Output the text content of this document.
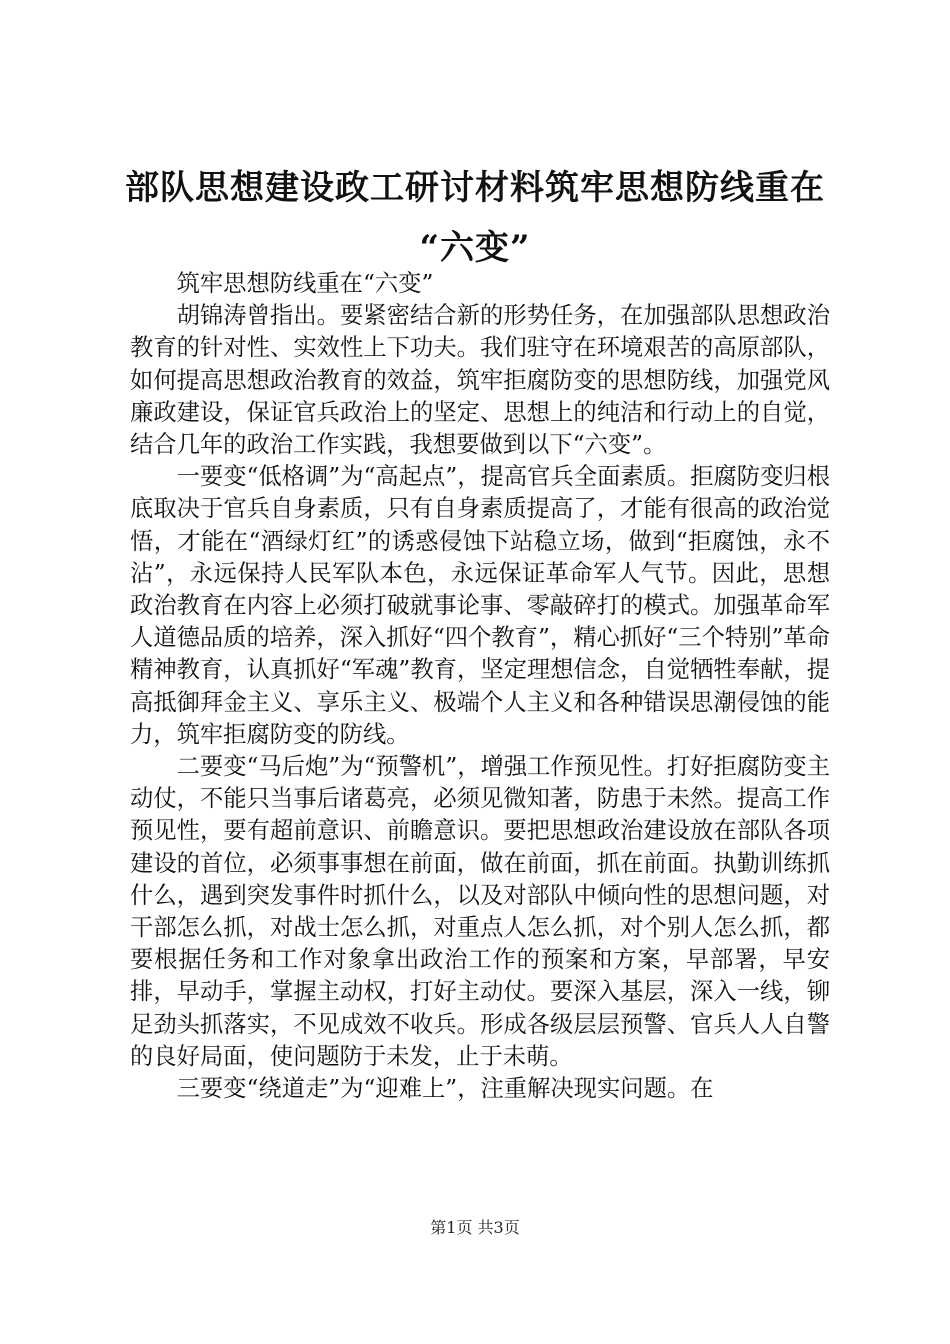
部队思想建设政工研讨材料筑牢思想防线重在
“六变”

筑牢思想防线重在“六变”

胡锦涛曾指出。要紧密结合新的形势任务，在加强部队思想政治教育的针对性、实效性上下功夫。我们驻守在环境艰苦的高原部队，如何提高思想政治教育的效益，筑牢拒腐防变的思想防线，加强党风廉政建设，保证官兵政治上的坚定、思想上的纯洁和行动上的自觉，结合几年的政治工作实践，我想要做到以下“六变”。

一要变“低格调”为“高起点”，提高官兵全面素质。拒腐防变归根底取决于官兵自身素质，只有自身素质提高了，才能有很高的政治觉悟，才能在“酒绿灯红”的诱惑侵蚀下站稳立场，做到“拒腐蚀，永不沾”，永远保持人民军队本色，永远保证革命军人气节。因此，思想政治教育在内容上必须打破就事论事、零敲碎打的模式。加强革命军人道德品质的培养，深入抓好“四个教育”，精心抓好“三个特别”革命精神教育，认真抓好“军魂”教育，坚定理想信念，自觉牺牲奉献，提高抵御拜金主义、享乐主义、极端个人主义和各种错误思潮侵蚀的能力，筑牢拒腐防变的防线。

二要变“马后炮”为“预警机”，增强工作预见性。打好拒腐防变主动仗，不能只当事后诸葛亮，必须见微知著，防患于未然。提高工作预见性，要有超前意识、前瞻意识。要把思想政治建设放在部队各项建设的首位，必须事事想在前面，做在前面，抓在前面。执勤训练抓什么，遇到突发事件时抓什么，以及对部队中倾向性的思想问题，对干部怎么抓，对战士怎么抓，对重点人怎么抓，对个别人怎么抓，都要根据任务和工作对象拿出政治工作的预案和方案，早部署，早安排，早动手，掌握主动权，打好主动仗。要深入基层，深入一线，铆足劲头抓落实，不见成效不收兵。形成各级层层预警、官兵人人自警的良好局面，使问题防于未发，止于未萌。

三要变“绕道走”为“迎难上”，注重解决现实问题。在

第1页 共3页
